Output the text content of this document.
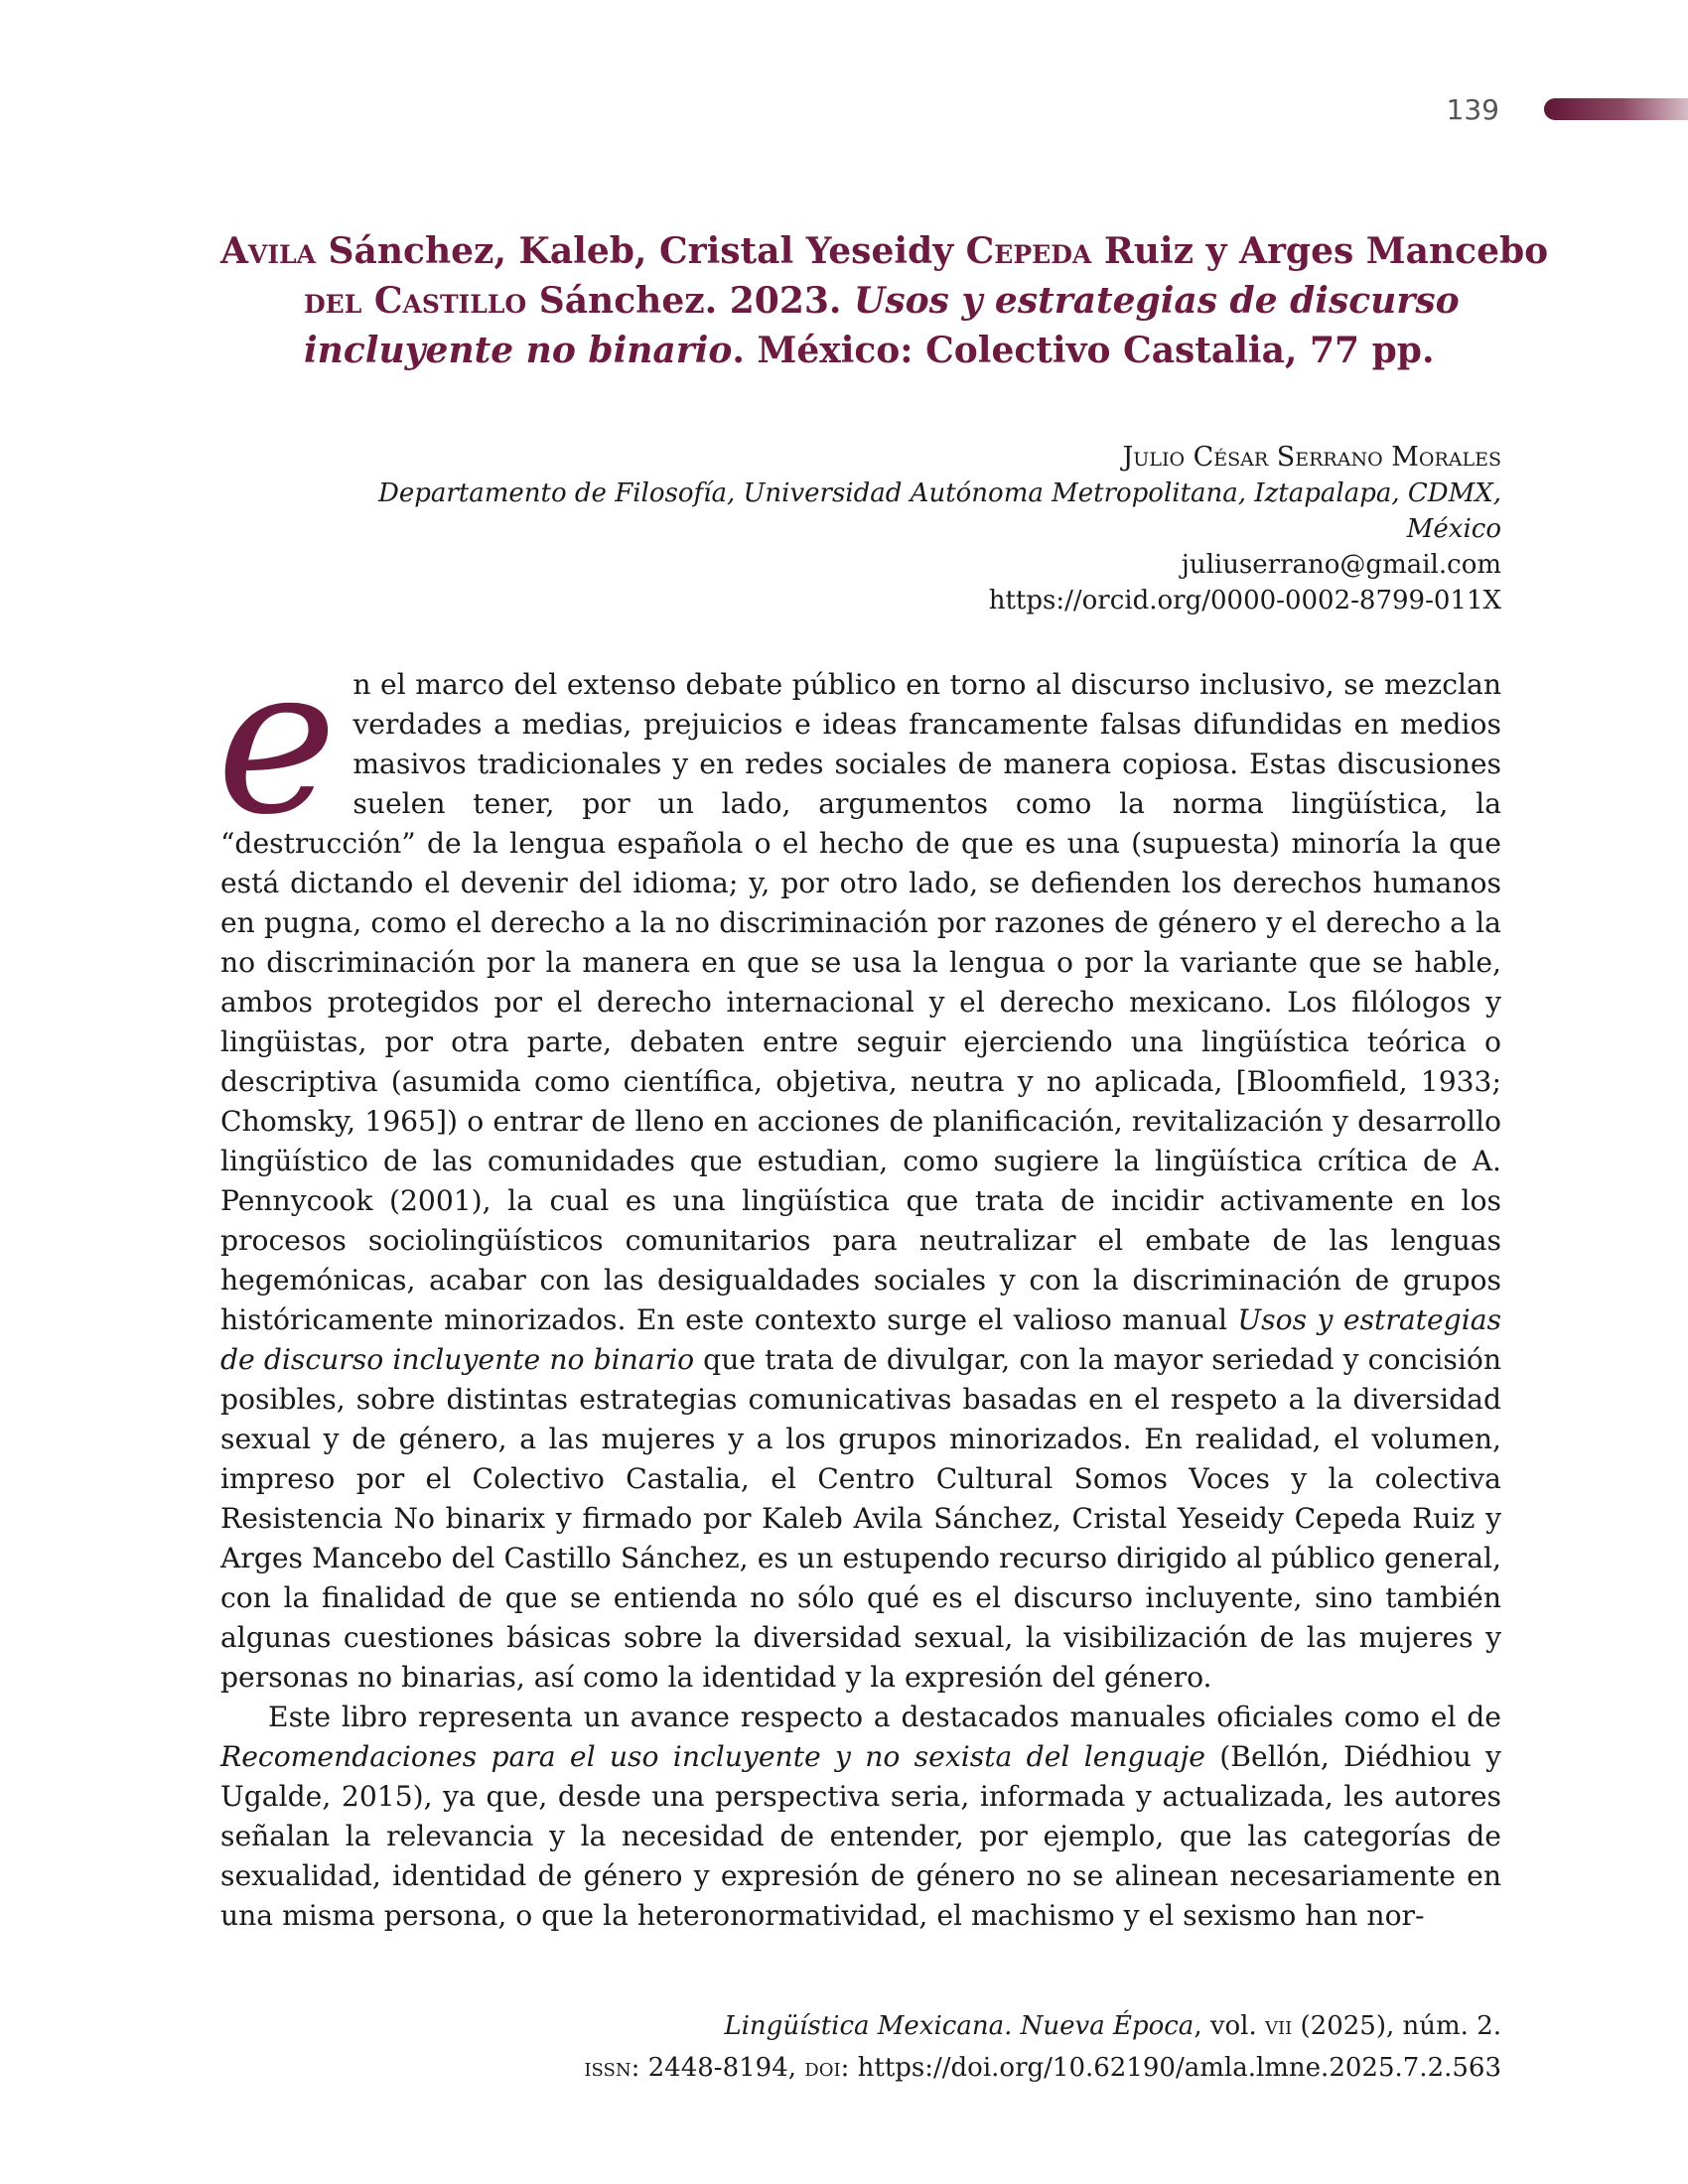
139
Avila Sánchez, Kaleb, Cristal Yeseidy Cepeda Ruiz y Arges Mancebo del Castillo Sánchez. 2023. Usos y estrategias de discurso incluyente no binario. México: Colectivo Castalia, 77 pp.
Julio César Serrano Morales
Departamento de Filosofía, Universidad Autónoma Metropolitana, Iztapalapa, CDMX, México
juliuserrano@gmail.com
https://orcid.org/0000-0002-8799-011X

en el marco del extenso debate público en torno al discurso inclusivo, se mezclan verdades a medias, prejuicios e ideas francamente falsas difundidas en medios masivos tradicionales y en redes sociales de manera copiosa. Estas discusiones suelen tener, por un lado, argumentos como la norma lingüística, la “destrucción” de la lengua española o el hecho de que es una (supuesta) minoría la que está dictando el devenir del idioma; y, por otro lado, se defienden los derechos humanos en pugna, como el derecho a la no discriminación por razones de género y el derecho a la no discriminación por la manera en que se usa la lengua o por la variante que se hable, ambos protegidos por el derecho internacional y el derecho mexicano. Los filólogos y lingüistas, por otra parte, debaten entre seguir ejerciendo una lingüística teórica o descriptiva (asumida como científica, objetiva, neutra y no aplicada, [Bloomfield, 1933; Chomsky, 1965]) o entrar de lleno en acciones de planificación, revitalización y desarrollo lingüístico de las comunidades que estudian, como sugiere la lingüística crítica de A. Pennycook (2001), la cual es una lingüística que trata de incidir activamente en los procesos sociolingüísticos comunitarios para neutralizar el embate de las lenguas hegemónicas, acabar con las desigualdades sociales y con la discriminación de grupos históricamente minorizados. En este contexto surge el valioso manual Usos y estrategias de discurso incluyente no binario que trata de divulgar, con la mayor seriedad y concisión posibles, sobre distintas estrategias comunicativas basadas en el respeto a la diversidad sexual y de género, a las mujeres y a los grupos minorizados. En realidad, el volumen, impreso por el Colectivo Castalia, el Centro Cultural Somos Voces y la colectiva Resistencia No binarix y firmado por Kaleb Avila Sánchez, Cristal Yeseidy Cepeda Ruiz y Arges Mancebo del Castillo Sánchez, es un estupendo recurso dirigido al público general, con la finalidad de que se entienda no sólo qué es el discurso incluyente, sino también algunas cuestiones básicas sobre la diversidad sexual, la visibilización de las mujeres y personas no binarias, así como la identidad y la expresión del género.

Este libro representa un avance respecto a destacados manuales oficiales como el de Recomendaciones para el uso incluyente y no sexista del lenguaje (Bellón, Diédhiou y Ugalde, 2015), ya que, desde una perspectiva seria, informada y actualizada, les autores señalan la relevancia y la necesidad de entender, por ejemplo, que las categorías de sexualidad, identidad de género y expresión de género no se alinean necesariamente en una misma persona, o que la heteronormatividad, el machismo y el sexismo han nor-

Lingüística Mexicana. Nueva Época, vol. vii (2025), núm. 2.
issn: 2448-8194, doi: https://doi.org/10.62190/amla.lmne.2025.7.2.563
